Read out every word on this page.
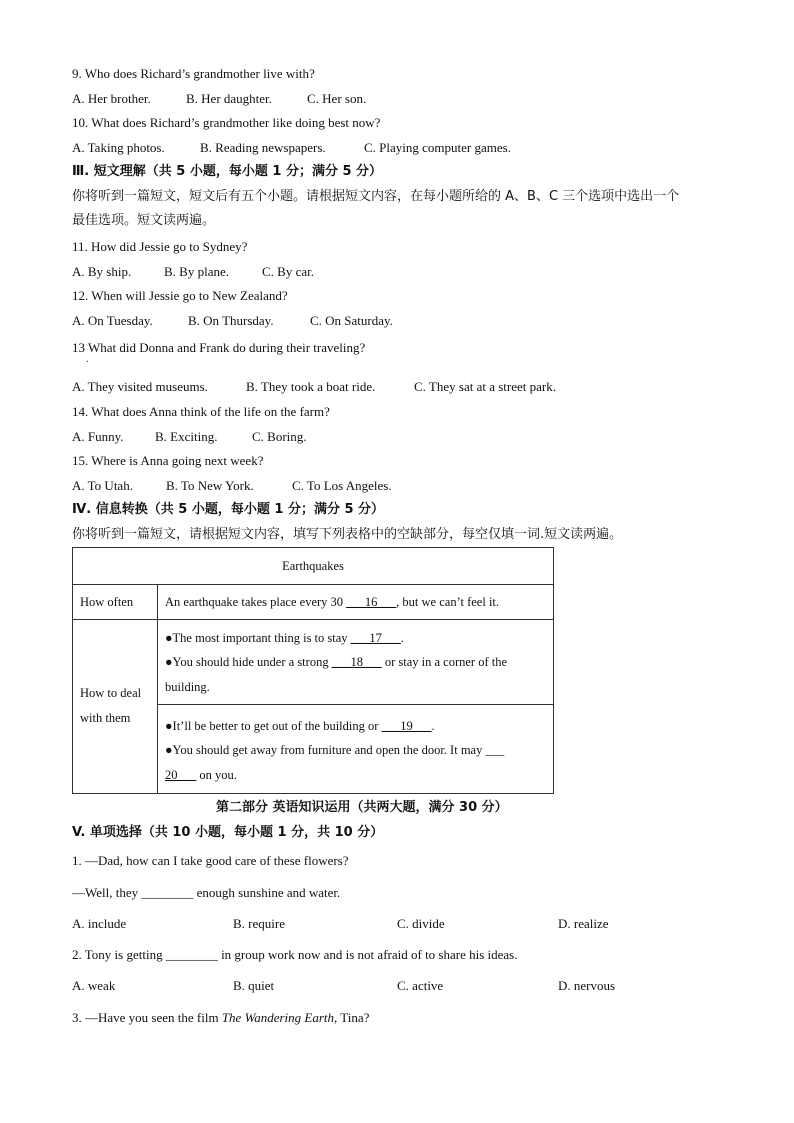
9. Who does Richard’s grandmother live with?
A. Her brother.	B. Her daughter.	C. Her son.
10. What does Richard’s grandmother like doing best now?
A. Taking photos.	B. Reading newspapers.	C. Playing computer games.
Ⅲ. 短文理解（共 5 小题，每小题 1 分；满分 5 分）
你将听到一篇短文，短文后有五个小题。请根据短文内容，在每小题所给的 A、B、C 三个选项中选出一个
最佳选项。短文读两遍。
11. How did Jessie go to Sydney?
A. By ship.	B. By plane.	C. By car.
12. When will Jessie go to New Zealand?
A. On Tuesday.	B. On Thursday.	C. On Saturday.
13 What did Donna and Frank do during their traveling?
.
A. They visited museums.	B. They took a boat ride.	C. They sat at a street park.
14. What does Anna think of the life on the farm?
A. Funny. B. Exciting.	C. Boring.
15. Where is Anna going next week?
A. To Utah.	B. To New York.	C. To Los Angeles.
Ⅳ. 信息转换（共 5 小题，每小题 1 分；满分 5 分）
你将听到一篇短文，请根据短文内容，填写下列表格中的空缺部分，每空仅填一词.短文读两遍。
Earthquakes
How often	An earthquake takes place every 30 ___16___, but we can’t feel it.
How to deal
with them
●The most important thing is to stay ___17___.
●You should hide under a strong ___18___ or stay in a corner of the
building.
●It’ll be better to get out of the building or ___19___.
●You should get away from furniture and open the door. It may ___
20___ on you.
第二部分 英语知识运用（共两大题，满分 30 分）
V. 单项选择（共 10 小题，每小题 1 分，共 10 分）
1. —Dad, how can I take good care of these flowers?
—Well, they ________ enough sunshine and water.
A. include	B. require	C. divide	D. realize
2. Tony is getting ________ in group work now and is not afraid of to share his ideas.
A. weak	B. quiet	C. active	D. nervous
3. —Have you seen the film The Wandering Earth, Tina?
